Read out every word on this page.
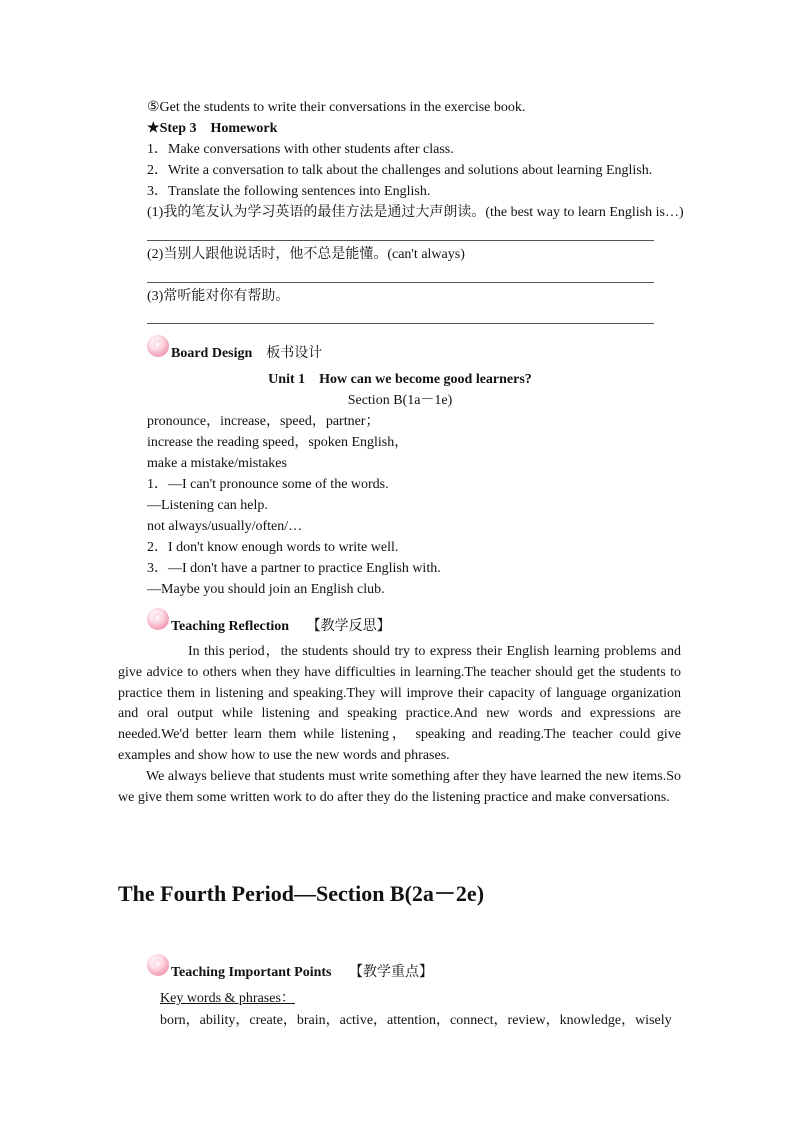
⑤Get the students to write their conversations in the exercise book.
★Step 3　Homework
1．Make conversations with other students after class.
2．Write a conversation to talk about the challenges and solutions about learning English.
3．Translate the following sentences into English.
(1)我的笔友认为学习英语的最佳方法是通过大声朗读。(the best way to learn English is…)
(2)当别人跟他说话时，他不总是能懂。(can't always)
(3)常听能对你有帮助。
Board Design　 板书设计
Unit 1　How can we become good learners?
Section B(1a－1e)
pronounce，increase，speed，partner；
increase the reading speed，spoken English，
make a mistake/mistakes
1．—I can't pronounce some of the words.
—Listening can help.
not always/usually/often/…
2．I don't know enough words to write well.
3．—I don't have a partner to practice English with.
—Maybe you should join an English club.
Teaching Reflection　 【教学反思】
In this period，the students should try to express their English learning problems and give advice to others when they have difficulties in learning.The teacher should get the students to practice them in listening and speaking.They will improve their capacity of language organization and oral output while listening and speaking practice.And new words and expressions are needed.We'd better learn them while listening， speaking and reading.The teacher could give examples and show how to use the new words and phrases.
We always believe that students must write something after they have learned the new items.So we give them some written work to do after they do the listening practice and make conversations.
The Fourth Period—Section B(2a－2e)
Teaching Important Points　 【教学重点】
Key words & phrases：
born，ability，create，brain，active，attention，connect，review，knowledge，wisely
